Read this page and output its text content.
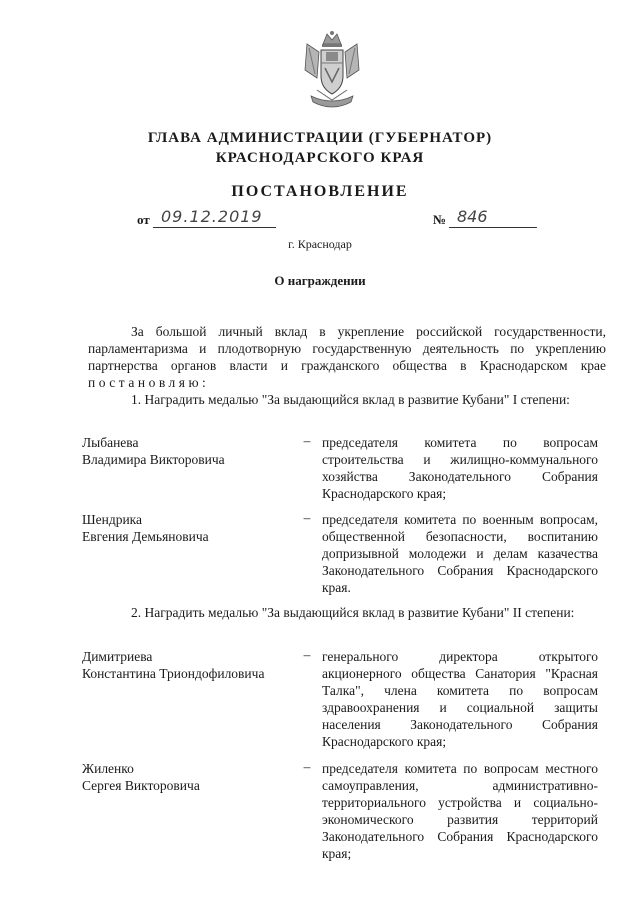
ГЛАВА АДМИНИСТРАЦИИ (ГУБЕРНАТОР)
КРАСНОДАРСКОГО КРАЯ
ПОСТАНОВЛЕНИЕ
от 09.12.2019	№ 846
г. Краснодар
О награждении
За большой личный вклад в укрепление российской государственности, парламентаризма и плодотворную государственную деятельность по укреплению партнерства органов власти и гражданского общества в Краснодарском крае постановляю:
1. Наградить медалью "За выдающийся вклад в развитие Кубани" I степени:
Лыбанева
Владимира Викторовича
– председателя комитета по вопросам строительства и жилищно-коммунального хозяйства Законодательного Собрания Краснодарского края;
Шендрика
Евгения Демьяновича
– председателя комитета по военным вопросам, общественной безопасности, воспитанию допризывной молодежи и делам казачества Законодательного Собрания Краснодарского края.
2. Наградить медалью "За выдающийся вклад в развитие Кубани" II степени:
Димитриева
Константина Триондофиловича
– генерального директора открытого акционерного общества Санатория "Красная Талка", члена комитета по вопросам здравоохранения и социальной защиты населения Законодательного Собрания Краснодарского края;
Жиленко
Сергея Викторовича
– председателя комитета по вопросам местного самоуправления, административно-территориального устройства и социально-экономического развития территорий Законодательного Собрания Краснодарского края;
